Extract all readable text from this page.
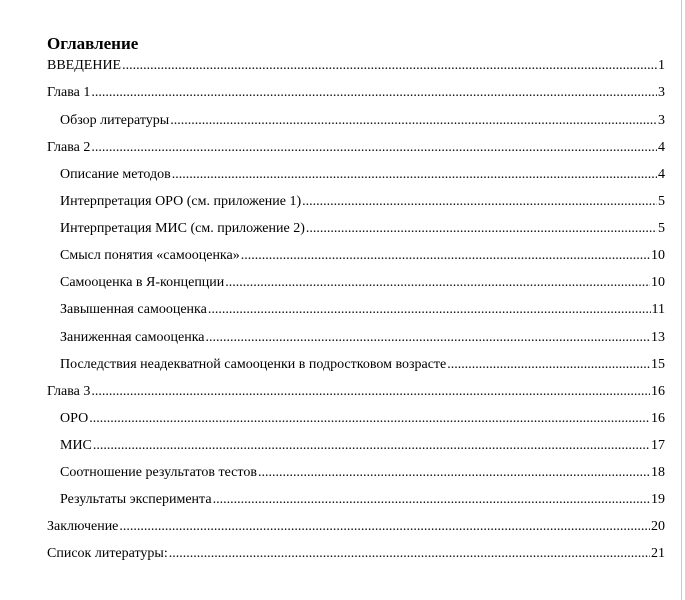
Оглавление
ВВЕДЕНИЕ .....	1
Глава 1 .....	3
Обзор литературы .....	3
Глава 2 .....	4
Описание методов .....	4
Интерпретация ОРО (см. приложение 1) .....	5
Интерпретация МИС (см. приложение 2) .....	5
Смысл понятия «самооценка» .....	10
Самооценка в Я-концепции .....	10
Завышенная самооценка .....	11
Заниженная самооценка .....	13
Последствия неадекватной самооценки в подростковом возрасте .....	15
Глава 3 .....	16
ОРО .....	16
МИС .....	17
Соотношение результатов тестов .....	18
Результаты эксперимента .....	19
Заключение .....	20
Список литературы: .....	21
